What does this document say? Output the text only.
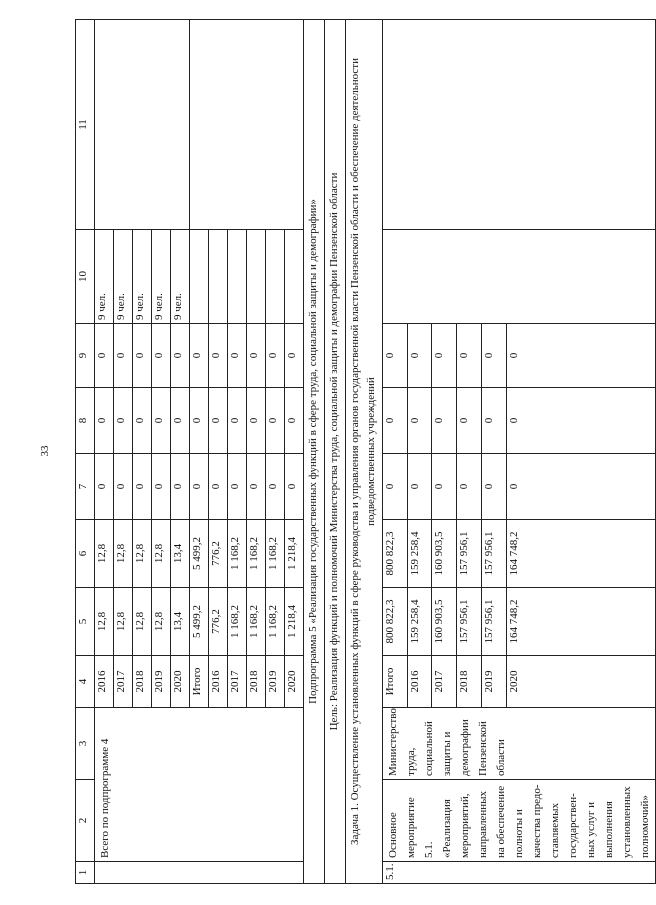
33
1	2	3	4	5	6	7	8	9	10	11
	Всего по подпрограмме 4		2016	12,8	12,8	0	0	0	9 чел.	
			2017	12,8	12,8	0	0	0	9 чел.	
			2018	12,8	12,8	0	0	0	9 чел.	
			2019	12,8	12,8	0	0	0	9 чел.	
			2020	13,4	13,4	0	0	0	9 чел.	
			Итого	5 499,2	5 499,2	0	0	0		
			2016	776,2	776,2	0	0	0		
			2017	1 168,2	1 168,2	0	0	0		
			2018	1 168,2	1 168,2	0	0	0		
			2019	1 168,2	1 168,2	0	0	0		
			2020	1 218,4	1 218,4	0	0	0		
Подпрограмма 5 «Реализация государственных функций в сфере труда, социальной защиты и демографии»										
Цель: Реализация функций и полномочий Министерства труда, социальной защиты и демографии Пензенской области										
Задача 1. Осуществление установленных функций в сфере руководства и управления органов государственной власти Пензенской области и обеспечение деятельности подведомственных учреждений										
5.1.	Основное мероприятие 5.1. «Реализация мероприятий, направленных на обеспечение полноты и качества предо-ставляемых государствен-ных услуг и выполнения установленных полномочий»	Министерство труда, социальной защиты и демографии Пензенской области	Итого	800 822,3	800 822,3	0	0	0		
			2016	159 258,4	159 258,4	0	0	0		
			2017	160 903,5	160 903,5	0	0	0		
			2018	157 956,1	157 956,1	0	0	0		
			2019	157 956,1	157 956,1	0	0	0		
			2020	164 748,2	164 748,2	0	0	0		
